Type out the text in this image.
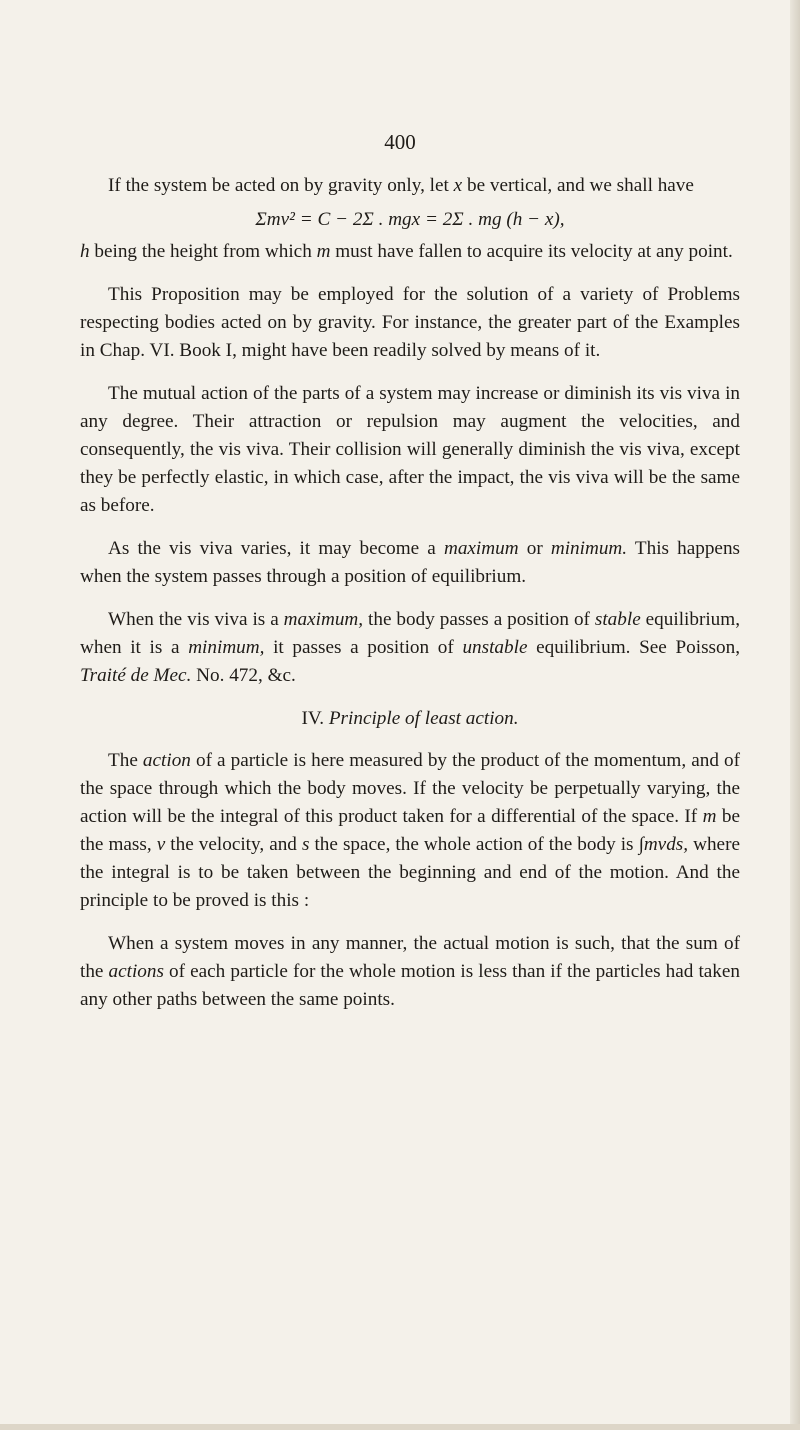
400

If the system be acted on by gravity only, let x be vertical, and we shall have

Σmv² = C − 2Σ . mgx = 2Σ . mg (h − x),

h being the height from which m must have fallen to acquire its velocity at any point.

This Proposition may be employed for the solution of a variety of Problems respecting bodies acted on by gravity. For instance, the greater part of the Examples in Chap. VI. Book I, might have been readily solved by means of it.

The mutual action of the parts of a system may increase or diminish its vis viva in any degree. Their attraction or repulsion may augment the velocities, and consequently, the vis viva. Their collision will generally diminish the vis viva, except they be perfectly elastic, in which case, after the impact, the vis viva will be the same as before.

As the vis viva varies, it may become a maximum or minimum. This happens when the system passes through a position of equilibrium.

When the vis viva is a maximum, the body passes a position of stable equilibrium, when it is a minimum, it passes a position of unstable equilibrium. See Poisson, Traité de Mec. No. 472, &c.

IV. Principle of least action.

The action of a particle is here measured by the product of the momentum, and of the space through which the body moves. If the velocity be perpetually varying, the action will be the integral of this product taken for a differential of the space. If m be the mass, v the velocity, and s the space, the whole action of the body is ∫mvds, where the integral is to be taken between the beginning and end of the motion. And the principle to be proved is this :

When a system moves in any manner, the actual motion is such, that the sum of the actions of each particle for the whole motion is less than if the particles had taken any other paths between the same points.
